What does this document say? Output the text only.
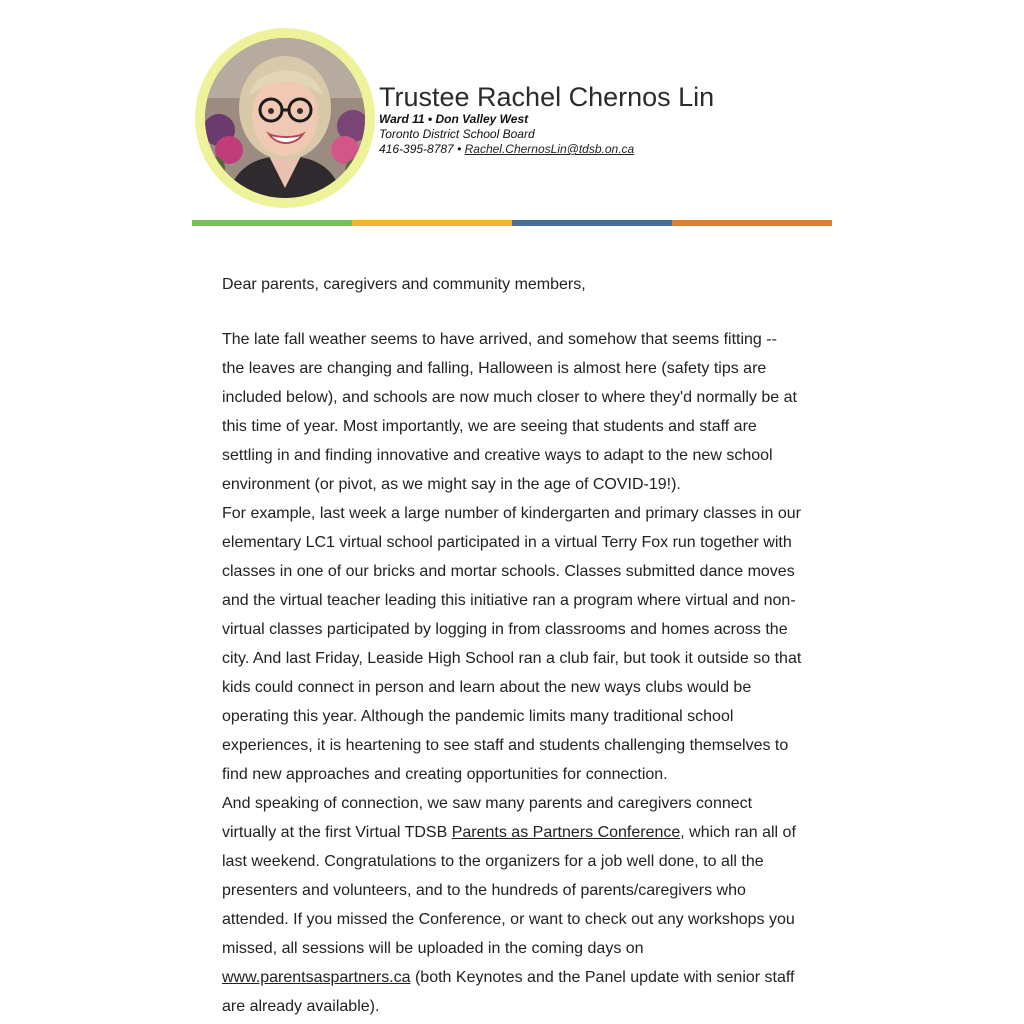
Trustee Rachel Chernos Lin
Ward 11 • Don Valley West
Toronto District School Board
416-395-8787 • Rachel.ChernosLin@tdsb.on.ca

Dear parents, caregivers and community members,

The late fall weather seems to have arrived, and somehow that seems fitting -- the leaves are changing and falling, Halloween is almost here (safety tips are included below), and schools are now much closer to where they'd normally be at this time of year. Most importantly, we are seeing that students and staff are settling in and finding innovative and creative ways to adapt to the new school environment (or pivot, as we might say in the age of COVID-19!).

For example, last week a large number of kindergarten and primary classes in our elementary LC1 virtual school participated in a virtual Terry Fox run together with classes in one of our bricks and mortar schools. Classes submitted dance moves and the virtual teacher leading this initiative ran a program where virtual and non-virtual classes participated by logging in from classrooms and homes across the city. And last Friday, Leaside High School ran a club fair, but took it outside so that kids could connect in person and learn about the new ways clubs would be operating this year. Although the pandemic limits many traditional school experiences, it is heartening to see staff and students challenging themselves to find new approaches and creating opportunities for connection.

And speaking of connection, we saw many parents and caregivers connect virtually at the first Virtual TDSB Parents as Partners Conference, which ran all of last weekend. Congratulations to the organizers for a job well done, to all the presenters and volunteers, and to the hundreds of parents/caregivers who attended. If you missed the Conference, or want to check out any workshops you missed, all sessions will be uploaded in the coming days on www.parentsaspartners.ca (both Keynotes and the Panel update with senior staff are already available).
